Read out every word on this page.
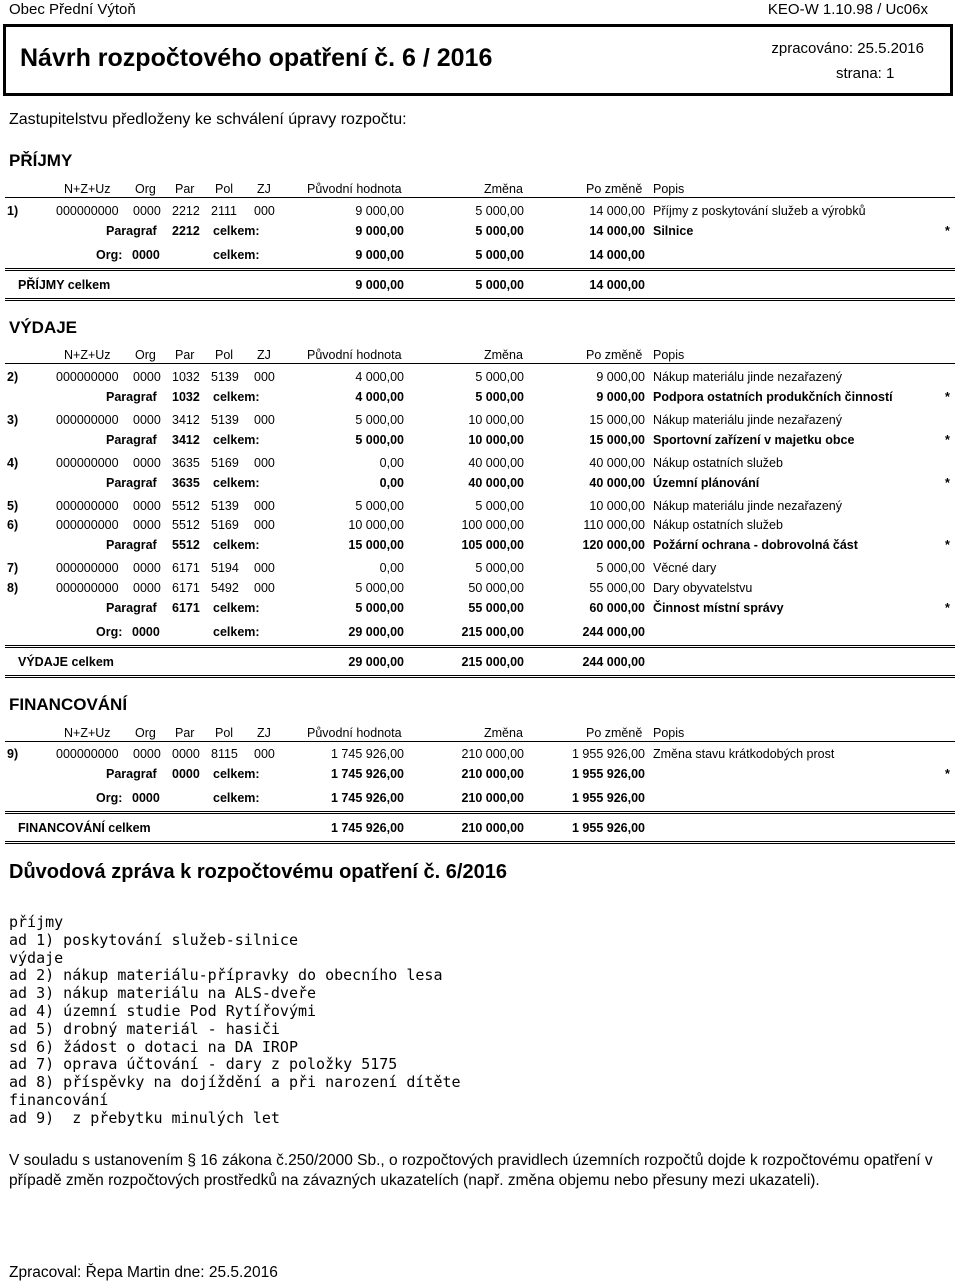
Obec Přední Výtoň	KEO-W 1.10.98 / Uc06x
Návrh rozpočtového opatření č. 6 / 2016	zpracováno: 25.5.2016
strana: 1
Zastupitelstvu předloženy ke schválení úpravy rozpočtu:
PŘÍJMY
N+Z+Uz Org Par Pol ZJ	Původní hodnota	Změna	Po změně Popis
1)	000000000 0000 2212 2111 000	9 000,00	5 000,00	14 000,00 Příjmy z poskytování služeb a výrobků
Paragraf 2212 celkem:	9 000,00	5 000,00	14 000,00 Silnice	*
Org: 0000	celkem:	9 000,00	5 000,00	14 000,00
PŘÍJMY celkem	9 000,00	5 000,00	14 000,00
VÝDAJE
N+Z+Uz Org Par Pol ZJ	Původní hodnota	Změna	Po změně Popis
2)	000000000 0000 1032 5139 000	4 000,00	5 000,00	9 000,00 Nákup materiálu jinde nezařazený
Paragraf 1032 celkem:	4 000,00	5 000,00	9 000,00 Podpora ostatních produkčních činností	*
3)	000000000 0000 3412 5139 000	5 000,00	10 000,00	15 000,00 Nákup materiálu jinde nezařazený
Paragraf 3412 celkem:	5 000,00	10 000,00	15 000,00 Sportovní zařízení v majetku obce	*
4)	000000000 0000 3635 5169 000	0,00	40 000,00	40 000,00 Nákup ostatních služeb
Paragraf 3635 celkem:	0,00	40 000,00	40 000,00 Územní plánování	*
5)	000000000 0000 5512 5139 000	5 000,00	5 000,00	10 000,00 Nákup materiálu jinde nezařazený
6)	000000000 0000 5512 5169 000	10 000,00	100 000,00	110 000,00 Nákup ostatních služeb
Paragraf 5512 celkem:	15 000,00	105 000,00	120 000,00 Požární ochrana - dobrovolná část	*
7)	000000000 0000 6171 5194 000	0,00	5 000,00	5 000,00 Věcné dary
8)	000000000 0000 6171 5492 000	5 000,00	50 000,00	55 000,00 Dary obyvatelstvu
Paragraf 6171 celkem:	5 000,00	55 000,00	60 000,00 Činnost místní správy	*
Org: 0000	celkem:	29 000,00	215 000,00	244 000,00
VÝDAJE celkem	29 000,00	215 000,00	244 000,00
FINANCOVÁNÍ
N+Z+Uz Org Par Pol ZJ	Původní hodnota	Změna	Po změně Popis
9)	000000000 0000 0000 8115 000	1 745 926,00	210 000,00	1 955 926,00 Změna stavu krátkodobých prost
Paragraf 0000 celkem:	1 745 926,00	210 000,00	1 955 926,00	*
Org: 0000	celkem:	1 745 926,00	210 000,00	1 955 926,00
FINANCOVÁNÍ celkem	1 745 926,00	210 000,00	1 955 926,00
Důvodová zpráva k rozpočtovému opatření č. 6/2016
příjmy
ad 1) poskytování služeb-silnice
výdaje
ad 2) nákup materiálu-přípravky do obecního lesa
ad 3) nákup materiálu na ALS-dveře
ad 4) územní studie Pod Rytířovými
ad 5) drobný materiál - hasiči
sd 6) žádost o dotaci na DA IROP
ad 7) oprava účtování - dary z položky 5175
ad 8) příspěvky na dojíždění a při narození dítěte
financování
ad 9)  z přebytku minulých let
V souladu s ustanovením § 16 zákona č.250/2000 Sb., o rozpočtových pravidlech územních rozpočtů dojde k rozpočtovému opatření v případě změn rozpočtových prostředků na závazných ukazatelích (např. změna objemu nebo přesuny mezi ukazateli).
Zpracoval: Řepa Martin dne: 25.5.2016
